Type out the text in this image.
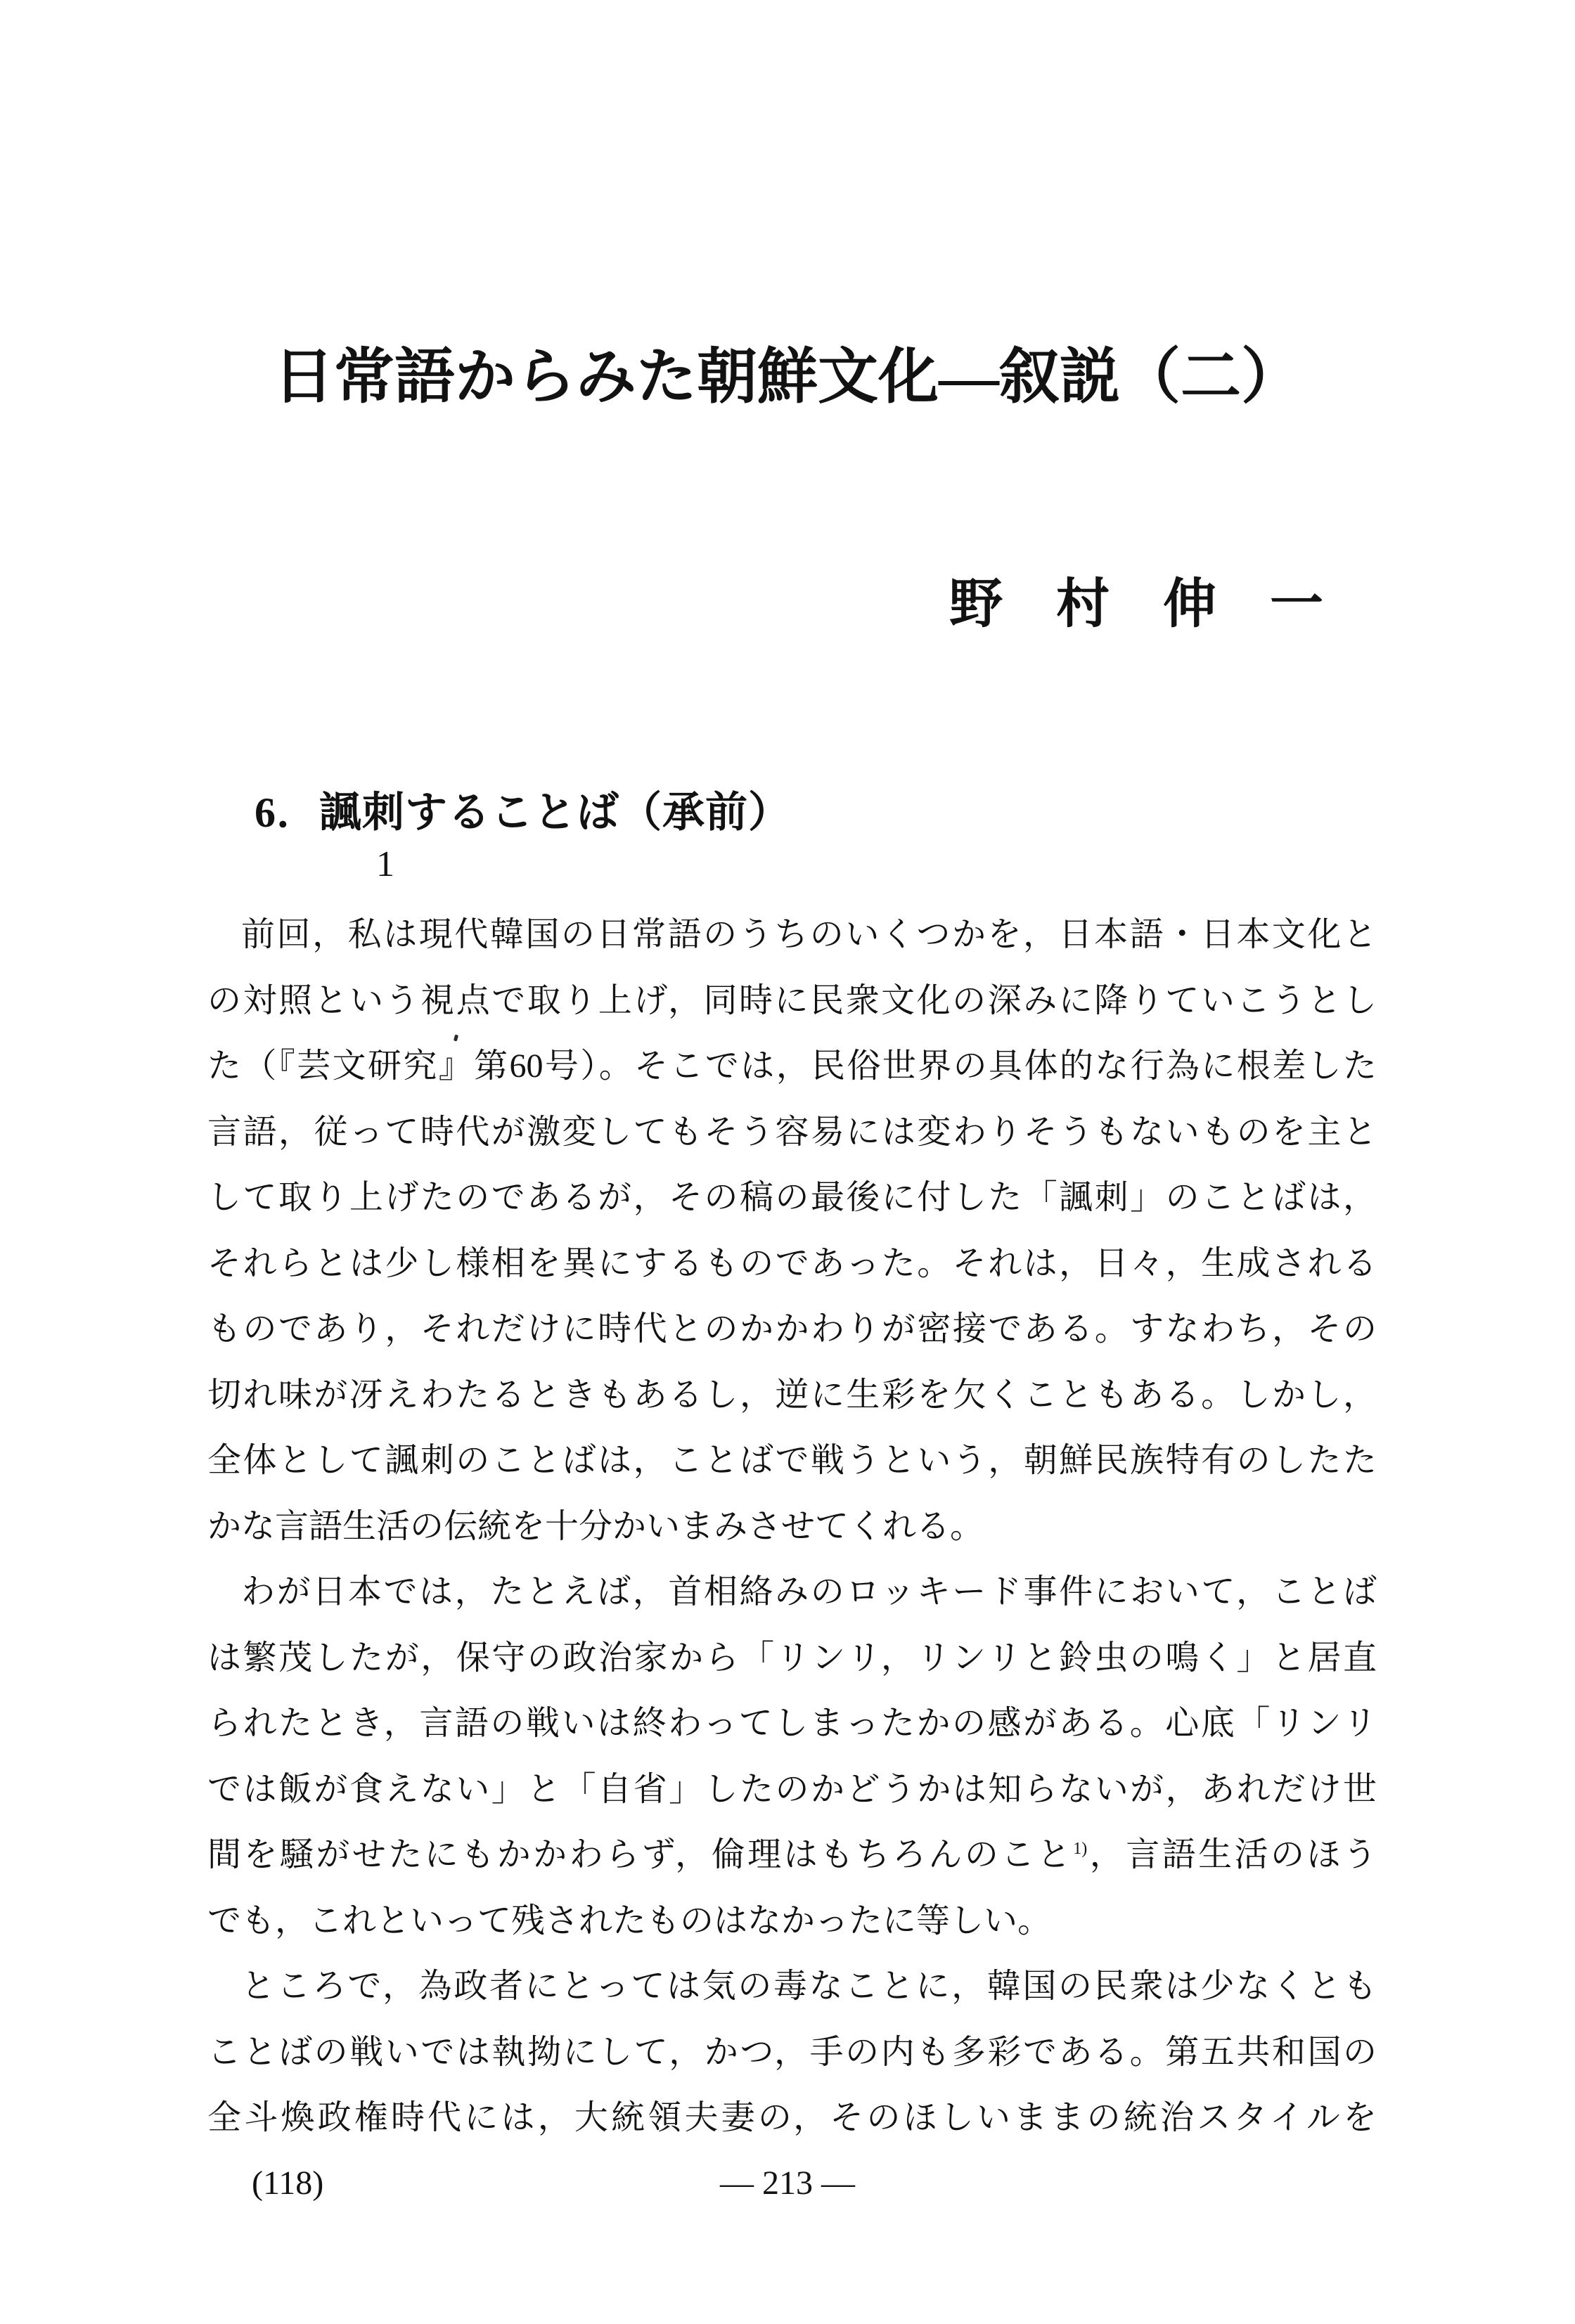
日常語からみた朝鮮文化―叙説（二）
野　村　伸　一
6．諷刺することば（承前）
1
前回，私は現代韓国の日常語のうちのいくつかを，日本語・日本文化と
の対照という視点で取り上げ，同時に民衆文化の深みに降りていこうとし
た（『芸文研究』第60号）。そこでは，民俗世界の具体的な行為に根差した
言語，従って時代が激変してもそう容易には変わりそうもないものを主と
して取り上げたのであるが，その稿の最後に付した「諷刺」のことばは，
それらとは少し様相を異にするものであった。それは，日々，生成される
ものであり，それだけに時代とのかかわりが密接である。すなわち，その
切れ味が冴えわたるときもあるし，逆に生彩を欠くこともある。しかし，
全体として諷刺のことばは，ことばで戦うという，朝鮮民族特有のしたた
かな言語生活の伝統を十分かいまみさせてくれる。
わが日本では，たとえば，首相絡みのロッキード事件において，ことば
は繁茂したが，保守の政治家から「リンリ，リンリと鈴虫の鳴く」と居直
られたとき，言語の戦いは終わってしまったかの感がある。心底「リンリ
では飯が食えない」と「自省」したのかどうかは知らないが，あれだけ世
間を騒がせたにもかかわらず，倫理はもちろんのこと$^{1)}$，言語生活のほう
でも，これといって残されたものはなかったに等しい。
ところで，為政者にとっては気の毒なことに，韓国の民衆は少なくとも
ことばの戦いでは執拗にして，かつ，手の内も多彩である。第五共和国の
全斗煥政権時代には，大統領夫妻の，そのほしいままの統治スタイルを
(118)	— 213 —
